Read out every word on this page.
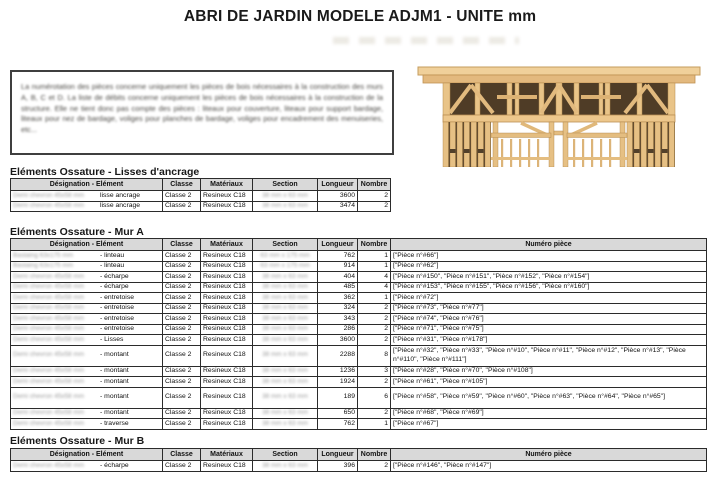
ABRI DE JARDIN MODELE ADJM1 - UNITE mm

La numérotation des pièces concerne uniquement les pièces de bois nécessaires à la construction des murs A, B, C et D. La liste de débits concerne uniquement les pièces de bois nécessaires à la construction de la structure. Elle ne tient donc pas compte des pièces : liteaux pour couverture, liteaux pour support bardage, liteaux pour nez de bardage, voliges pour planches de bardage, voliges pour encadrement des menuiseries, etc...

Eléments Ossature - Lisses d'ancrage
Désignation - Elément	Classe	Matériaux	Section	Longueur	Nombre

Demi chevron 45x58 mm lisse ancrage	Classe 2	Resineux C18	38 mm x 63 mm	3600	2

Demi chevron 45x58 mm lisse ancrage	Classe 2	Resineux C18	38 mm x 63 mm	3474	2
Eléments Ossature - Mur A
Désignation - Elément	Classe	Matériaux	Section	Longueur	Nombre	Numéro pièce

Bastaing 63x175 mm - linteau	Classe 2	Resineux C18	63 mm x 175 mm	762	1	["Pièce n°#66"]

Bastaing 63x175 mm - linteau	Classe 2	Resineux C18	63 mm x 175 mm	914	1	["Pièce n°#62"]

Demi chevron 45x58 mm - écharpe	Classe 2	Resineux C18	38 mm x 63 mm	404	4	["Pièce n°#150", "Pièce n°#151", "Pièce n°#152", "Pièce n°#154"]

Demi chevron 45x58 mm - écharpe	Classe 2	Resineux C18	38 mm x 63 mm	485	4	["Pièce n°#153", "Pièce n°#155", "Pièce n°#156", "Pièce n°#160"]

Demi chevron 45x58 mm - entretoise	Classe 2	Resineux C18	38 mm x 63 mm	362	1	["Pièce n°#72"]

Demi chevron 45x58 mm - entretoise	Classe 2	Resineux C18	38 mm x 63 mm	324	2	["Pièce n°#73", "Pièce n°#77"]

Demi chevron 45x58 mm - entretoise	Classe 2	Resineux C18	38 mm x 63 mm	343	2	["Pièce n°#74", "Pièce n°#76"]

Demi chevron 45x58 mm - entretoise	Classe 2	Resineux C18	38 mm x 63 mm	286	2	["Pièce n°#71", "Pièce n°#75"]

Demi chevron 45x58 mm - Lisses	Classe 2	Resineux C18	38 mm x 63 mm	3600	2	["Pièce n°#31", "Pièce n°#178"]

Demi chevron 45x58 mm - montant	Classe 2	Resineux C18	38 mm x 63 mm	2288	8	["Pièce n°#32", "Pièce n°#33", "Pièce n°#10", "Pièce n°#11", "Pièce n°#12", "Pièce n°#13", "Pièce n°#110", "Pièce n°#111"]

Demi chevron 45x58 mm - montant	Classe 2	Resineux C18	38 mm x 63 mm	1236	3	["Pièce n°#28", "Pièce n°#70", "Pièce n°#108"]

Demi chevron 45x58 mm - montant	Classe 2	Resineux C18	38 mm x 63 mm	1924	2	["Pièce n°#61", "Pièce n°#105"]

Demi chevron 45x58 mm - montant	Classe 2	Resineux C18	38 mm x 63 mm	189	6	["Pièce n°#58", "Pièce n°#59", "Pièce n°#60", "Pièce n°#63", "Pièce n°#64", "Pièce n°#65"]

Demi chevron 45x58 mm - montant	Classe 2	Resineux C18	38 mm x 63 mm	650	2	["Pièce n°#68", "Pièce n°#69"]

Demi chevron 45x58 mm - traverse	Classe 2	Resineux C18	38 mm x 63 mm	762	1	["Pièce n°#67"]
Eléments Ossature - Mur B
Désignation - Elément	Classe	Matériaux	Section	Longueur	Nombre	Numéro pièce

Demi chevron 45x58 mm - écharpe	Classe 2	Resineux C18	38 mm x 63 mm	396	2	["Pièce n°#146", "Pièce n°#147"]
